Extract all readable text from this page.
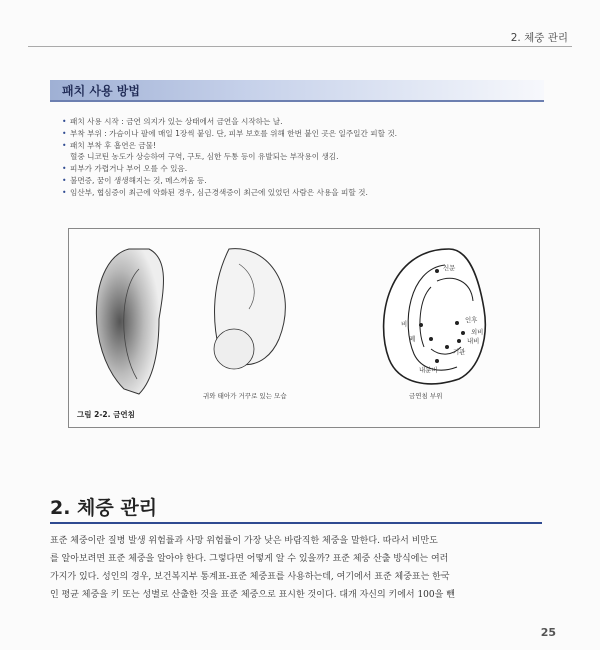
2. 체중 관리
패치 사용 방법
• 패치 사용 시작 : 금연 의지가 있는 상태에서 금연을 시작하는 날.
• 부착 부위 : 가슴이나 팔에 매일 1장씩 붙임. 단, 피부 보호를 위해 한번 붙인 곳은 일주일간 피할 것.
• 패치 부착 후 흡연은 금물!
혈중 니코틴 농도가 상승하여 구역, 구토, 심한 두통 등이 유발되는 부작용이 생김.
• 피부가 가렵거나 부어 오를 수 있음.
• 불면증, 꿈이 생생해지는 것, 메스꺼움 등.
• 임산부, 협심증이 최근에 악화된 경우, 심근경색증이 최근에 있었던 사람은 사용을 피할 것.
신문
인후
외비
내비
폐
비
기관
내분비
귀와 태아가 거꾸로 있는 모습	금연침 부위
그림 2-2. 금연침
2. 체중 관리

표준 체중이란 질병 발생 위험률과 사망 위험률이 가장 낮은 바람직한 체중을 말한다. 따라서 비만도
를 알아보려면 표준 체중을 알아야 한다. 그렇다면 어떻게 알 수 있을까? 표준 체중 산출 방식에는 여러
가지가 있다. 성인의 경우, 보건복지부 통계표-표준 체중표를 사용하는데, 여기에서 표준 체중표는 한국
인 평균 체중을 키 또는 성별로 산출한 것을 표준 체중으로 표시한 것이다. 대개 자신의 키에서 100을 뺀

25
